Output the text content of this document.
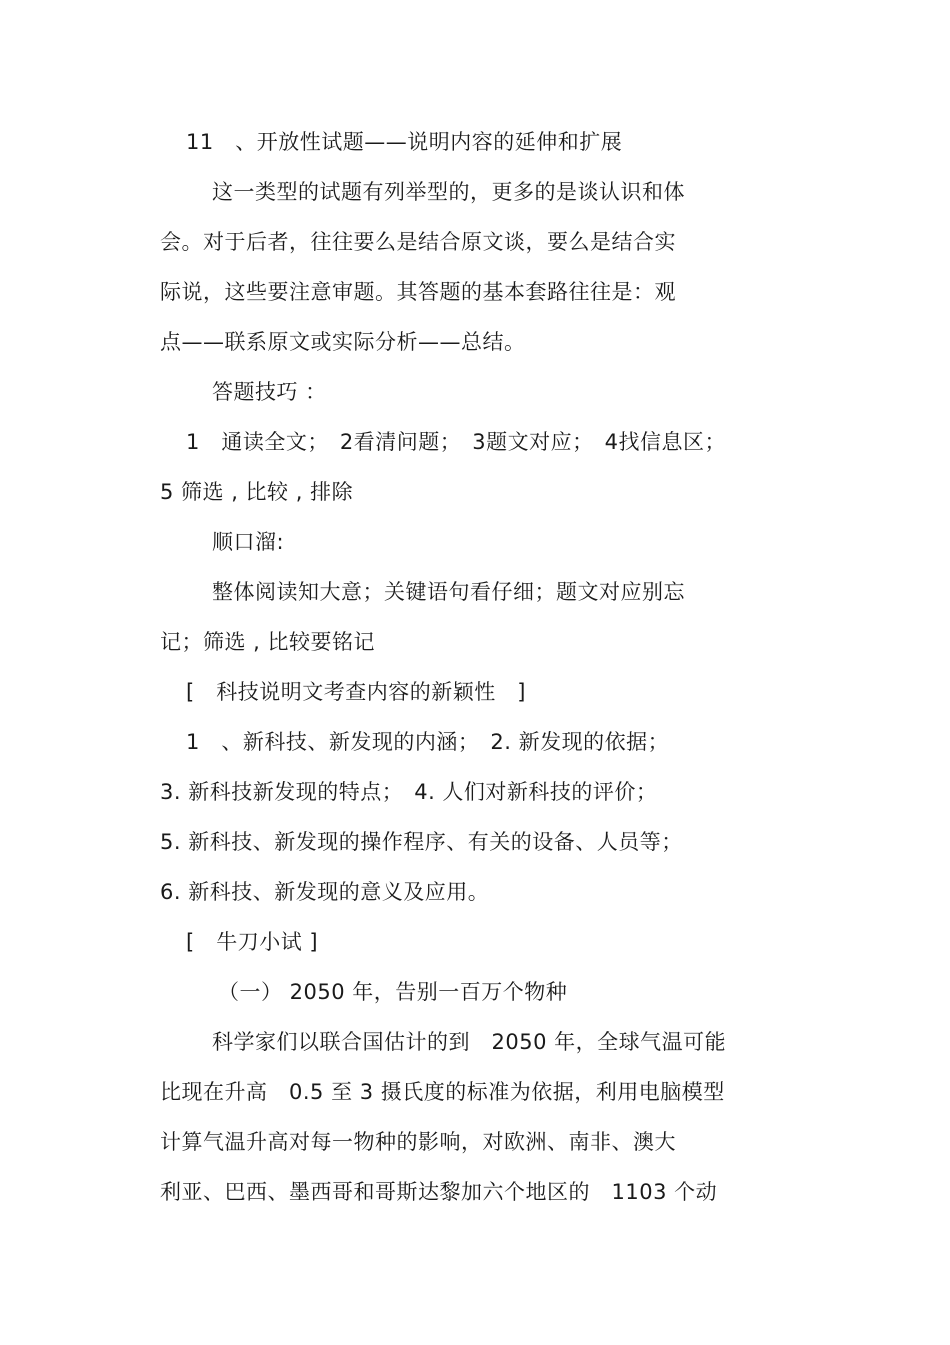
11　、开放性试题——说明内容的延伸和扩展
这一类型的试题有列举型的，更多的是谈认识和体
会。对于后者，往往要么是结合原文谈，要么是结合实
际说，这些要注意审题。其答题的基本套路往往是：观
点——联系原文或实际分析——总结。
答题技巧 ：
1　通读全文；　2看清问题；　3题文对应；　4找信息区；
5 筛选 , 比较 , 排除
顺口溜:
整体阅读知大意；关键语句看仔细；题文对应别忘
记；筛选 , 比较要铭记
[　科技说明文考查内容的新颖性　]
1　、新科技、新发现的内涵；　2. 新发现的依据；
3. 新科技新发现的特点；　4. 人们对新科技的评价；
5. 新科技、新发现的操作程序、有关的设备、人员等；
6. 新科技、新发现的意义及应用。
[　牛刀小试 ]
（一） 2050 年，告别一百万个物种
科学家们以联合国估计的到　2050 年，全球气温可能
比现在升高　0.5 至 3 摄氏度的标准为依据，利用电脑模型
计算气温升高对每一物种的影响，对欧洲、南非、澳大
利亚、巴西、墨西哥和哥斯达黎加六个地区的　1103 个动
